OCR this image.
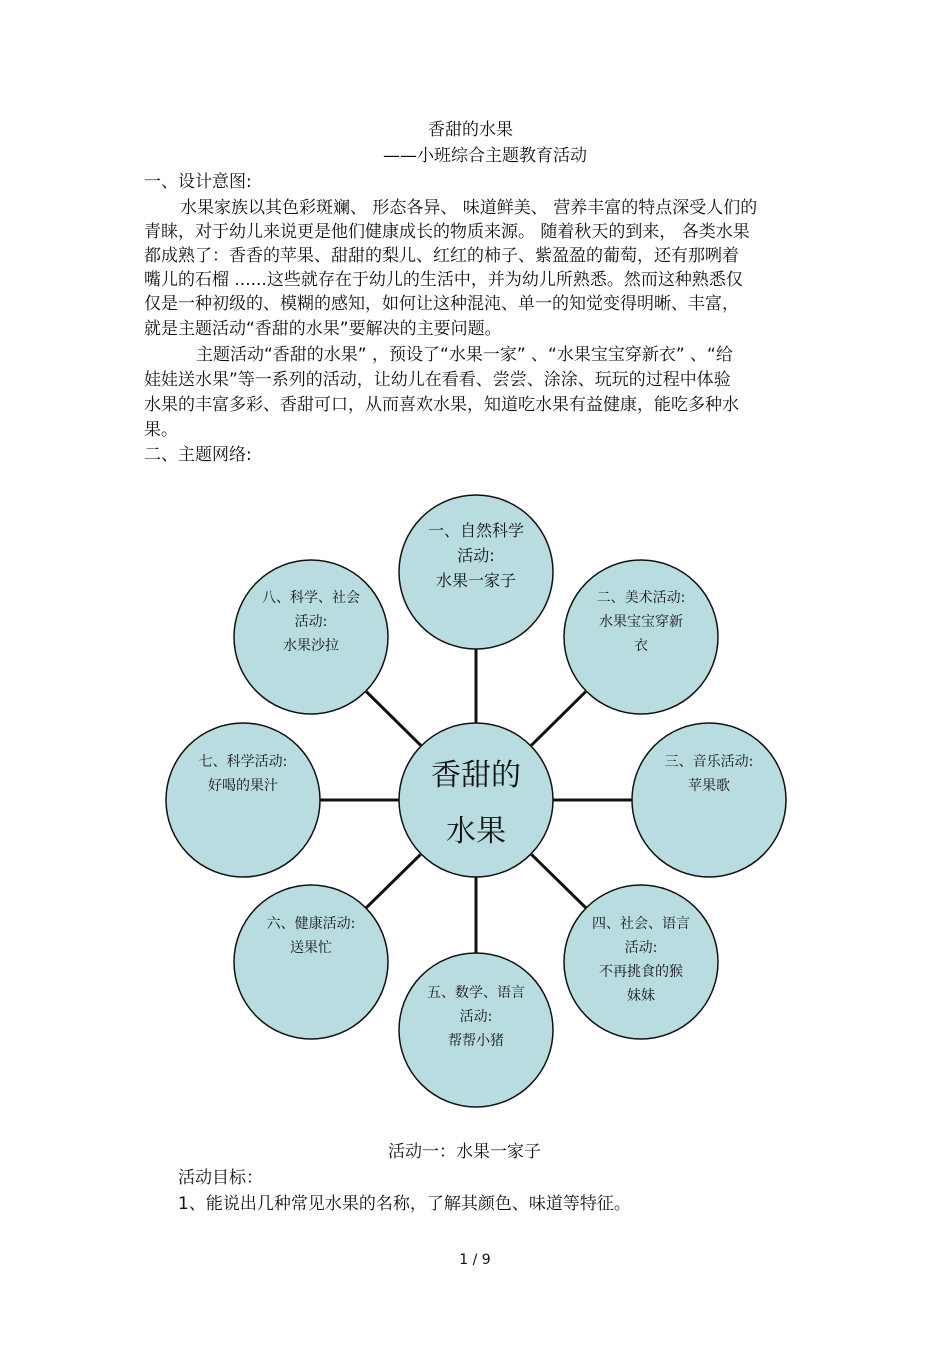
香甜的水果
——小班综合主题教育活动
一、设计意图:
水果家族以其色彩斑斓、 形态各异、 味道鲜美、 营养丰富的特点深受人们的
青睐，对于幼儿来说更是他们健康成长的物质来源。 随着秋天的到来， 各类水果
都成熟了：香香的苹果、甜甜的梨儿、红红的柿子、紫盈盈的葡萄，还有那咧着
嘴儿的石榴 ......这些就存在于幼儿的生活中，并为幼儿所熟悉。然而这种熟悉仅
仅是一种初级的、模糊的感知，如何让这种混沌、单一的知觉变得明晰、丰富，
就是主题活动“香甜的水果”要解决的主要问题。
主题活动“香甜的水果” ，预设了“水果一家” 、“水果宝宝穿新衣” 、“给
娃娃送水果”等一系列的活动，让幼儿在看看、尝尝、涂涂、玩玩的过程中体验
水果的丰富多彩、香甜可口，从而喜欢水果，知道吃水果有益健康，能吃多种水
果。
二、主题网络:
香甜的
水果
一、自然科学
活动:
水果一家子
二、美术活动:
水果宝宝穿新
衣
三、音乐活动:
苹果歌
四、社会、语言
活动:
不再挑食的猴
妹妹
五、数学、语言
活动:
帮帮小猪
六、健康活动:
送果忙
七、科学活动:
好喝的果汁
八、科学、社会
活动:
水果沙拉
活动一：水果一家子
活动目标：
1、能说出几种常见水果的名称，了解其颜色、味道等特征。
1 / 9
